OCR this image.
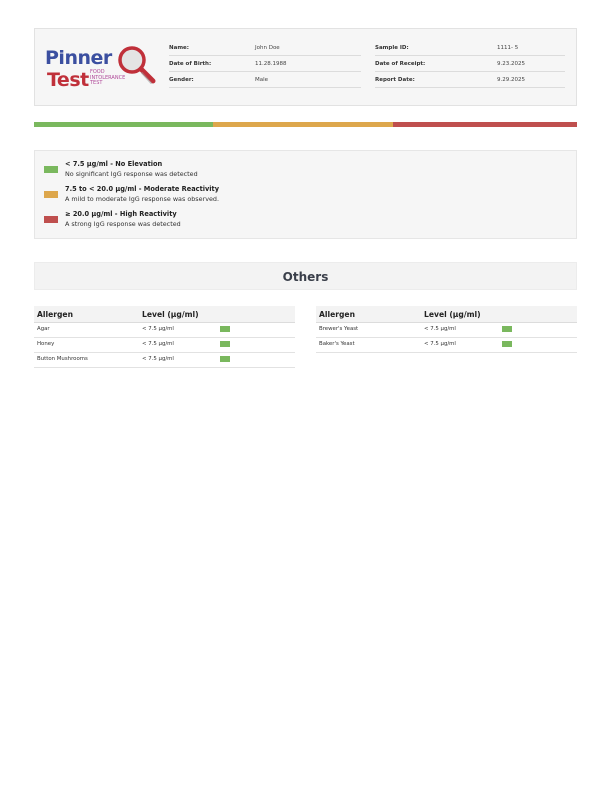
Pinner
Test FOOD
INTOLERANCE
TEST
Name:	John Doe
Date of Birth:	11.28.1988
Gender:	Male
Sample ID:	1111- 5
Date of Receipt:	9.23.2025
Report Date:	9.29.2025
< 7.5 µg/ml - No Elevation
No significant IgG response was detected
7.5 to < 20.0 µg/ml - Moderate Reactivity
A mild to moderate IgG response was observed.
≥ 20.0 µg/ml - High Reactivity
A strong IgG response was detected
Others
Allergen	Level (µg/ml)
Agar	< 7.5 µg/ml
Honey	< 7.5 µg/ml
Button Mushrooms	< 7.5 µg/ml
Allergen	Level (µg/ml)
Brewer's Yeast	< 7.5 µg/ml
Baker's Yeast	< 7.5 µg/ml
